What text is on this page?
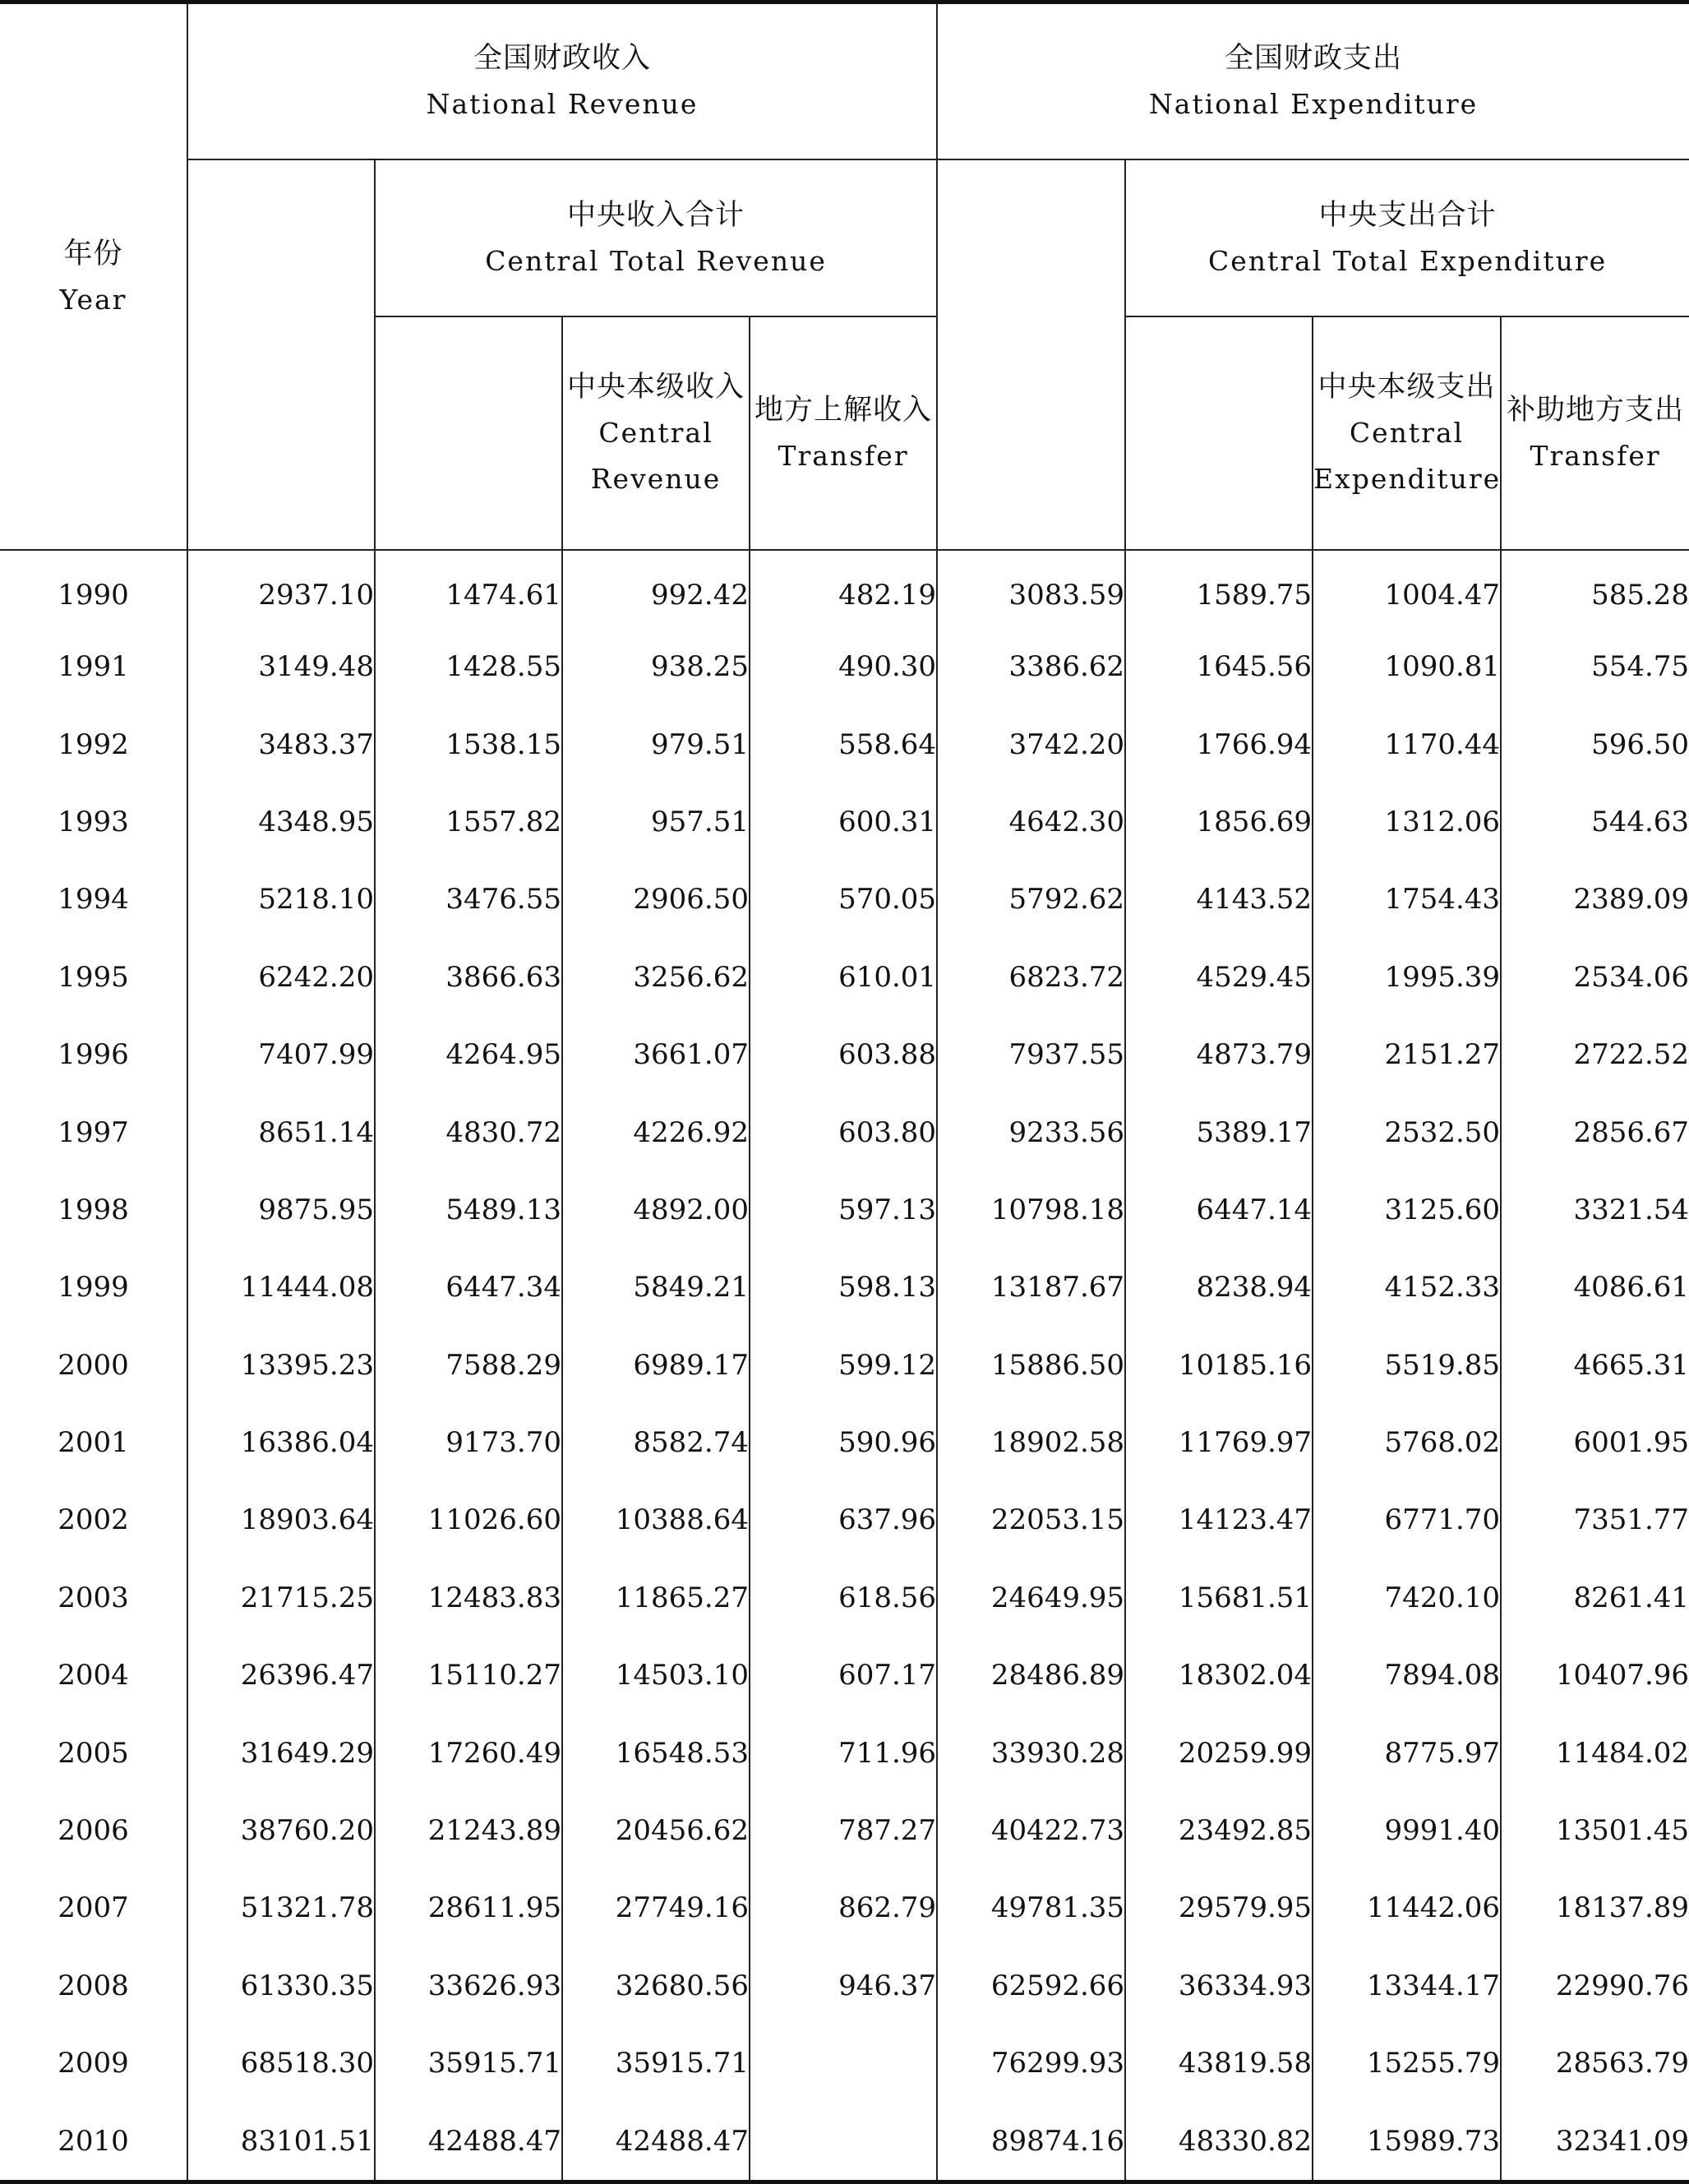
年份
Year	全国财政收入
National Revenue				全国财政支出
National Expenditure			

		中央收入合计
Central Total Revenue				中央支出合计
Central Total Expenditure		

			中央本级收入
Central
Revenue	地方上解收入
Transfer			中央本级支出
Central
Expenditure	补助地方支出
Transfer

1990	2937.10	1474.61	992.42	482.19	3083.59	1589.75	1004.47	585.28
1991	3149.48	1428.55	938.25	490.30	3386.62	1645.56	1090.81	554.75
1992	3483.37	1538.15	979.51	558.64	3742.20	1766.94	1170.44	596.50
1993	4348.95	1557.82	957.51	600.31	4642.30	1856.69	1312.06	544.63
1994	5218.10	3476.55	2906.50	570.05	5792.62	4143.52	1754.43	2389.09
1995	6242.20	3866.63	3256.62	610.01	6823.72	4529.45	1995.39	2534.06
1996	7407.99	4264.95	3661.07	603.88	7937.55	4873.79	2151.27	2722.52
1997	8651.14	4830.72	4226.92	603.80	9233.56	5389.17	2532.50	2856.67
1998	9875.95	5489.13	4892.00	597.13	10798.18	6447.14	3125.60	3321.54
1999	11444.08	6447.34	5849.21	598.13	13187.67	8238.94	4152.33	4086.61
2000	13395.23	7588.29	6989.17	599.12	15886.50	10185.16	5519.85	4665.31
2001	16386.04	9173.70	8582.74	590.96	18902.58	11769.97	5768.02	6001.95
2002	18903.64	11026.60	10388.64	637.96	22053.15	14123.47	6771.70	7351.77
2003	21715.25	12483.83	11865.27	618.56	24649.95	15681.51	7420.10	8261.41
2004	26396.47	15110.27	14503.10	607.17	28486.89	18302.04	7894.08	10407.96
2005	31649.29	17260.49	16548.53	711.96	33930.28	20259.99	8775.97	11484.02
2006	38760.20	21243.89	20456.62	787.27	40422.73	23492.85	9991.40	13501.45
2007	51321.78	28611.95	27749.16	862.79	49781.35	29579.95	11442.06	18137.89
2008	61330.35	33626.93	32680.56	946.37	62592.66	36334.93	13344.17	22990.76
2009	68518.30	35915.71	35915.71		76299.93	43819.58	15255.79	28563.79
2010	83101.51	42488.47	42488.47		89874.16	48330.82	15989.73	32341.09
